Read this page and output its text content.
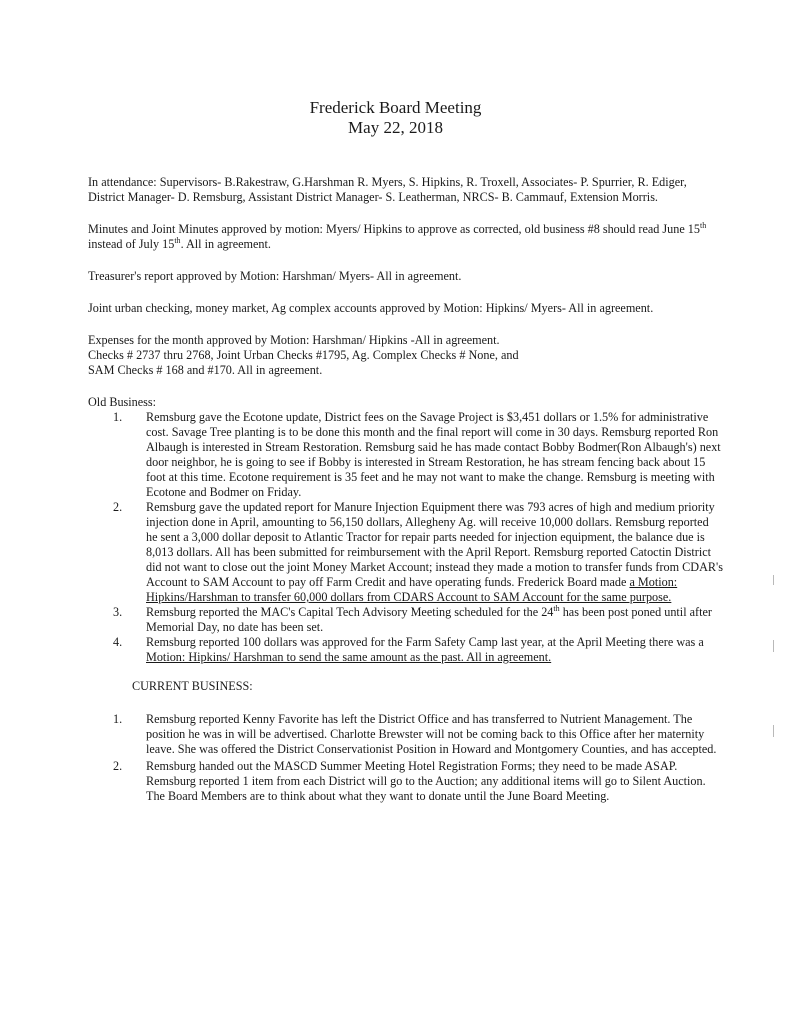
Frederick Board Meeting
May 22, 2018

In attendance: Supervisors- B.Rakestraw, G.Harshman R. Myers, S. Hipkins, R. Troxell, Associates- P. Spurrier, R. Ediger, District Manager- D. Remsburg, Assistant District Manager- S. Leatherman, NRCS- B. Cammauf, Extension Morris.

Minutes and Joint Minutes approved by motion: Myers/ Hipkins to approve as corrected, old business #8 should read June 15th instead of July 15th. All in agreement.

Treasurer's report approved by Motion: Harshman/ Myers- All in agreement.

Joint urban checking, money market, Ag complex accounts approved by Motion: Hipkins/ Myers- All in agreement.

Expenses for the month approved by Motion: Harshman/ Hipkins -All in agreement.
Checks # 2737 thru 2768, Joint Urban Checks #1795, Ag. Complex Checks # None, and
SAM Checks # 168 and #170. All in agreement.

Old Business:

1. Remsburg gave the Ecotone update, District fees on the Savage Project is $3,451 dollars or 1.5% for administrative cost. Savage Tree planting is to be done this month and the final report will come in 30 days. Remsburg reported Ron Albaugh is interested in Stream Restoration. Remsburg said he has made contact Bobby Bodmer(Ron Albaugh's) next door neighbor, he is going to see if Bobby is interested in Stream Restoration, he has stream fencing back about 15 foot at this time. Ecotone requirement is 35 feet and he may not want to make the change. Remsburg is meeting with Ecotone and Bodmer on Friday.
2. Remsburg gave the updated report for Manure Injection Equipment there was 793 acres of high and medium priority injection done in April, amounting to 56,150 dollars, Allegheny Ag. will receive 10,000 dollars. Remsburg reported he sent a 3,000 dollar deposit to Atlantic Tractor for repair parts needed for injection equipment, the balance due is 8,013 dollars. All has been submitted for reimbursement with the April Report. Remsburg reported Catoctin District did not want to close out the joint Money Market Account; instead they made a motion to transfer funds from CDAR's Account to SAM Account to pay off Farm Credit and have operating funds. Frederick Board made a Motion: Hipkins/Harshman to transfer 60,000 dollars from CDARS Account to SAM Account for the same purpose.
3. Remsburg reported the MAC's Capital Tech Advisory Meeting scheduled for the 24th has been post poned until after Memorial Day, no date has been set.
4. Remsburg reported 100 dollars was approved for the Farm Safety Camp last year, at the April Meeting there was a Motion: Hipkins/ Harshman to send the same amount as the past. All in agreement.

CURRENT BUSINESS:

1. Remsburg reported Kenny Favorite has left the District Office and has transferred to Nutrient Management. The position he was in will be advertised. Charlotte Brewster will not be coming back to this Office after her maternity leave. She was offered the District Conservationist Position in Howard and Montgomery Counties, and has accepted.
2. Remsburg handed out the MASCD Summer Meeting Hotel Registration Forms; they need to be made ASAP. Remsburg reported 1 item from each District will go to the Auction; any additional items will go to Silent Auction. The Board Members are to think about what they want to donate until the June Board Meeting.
